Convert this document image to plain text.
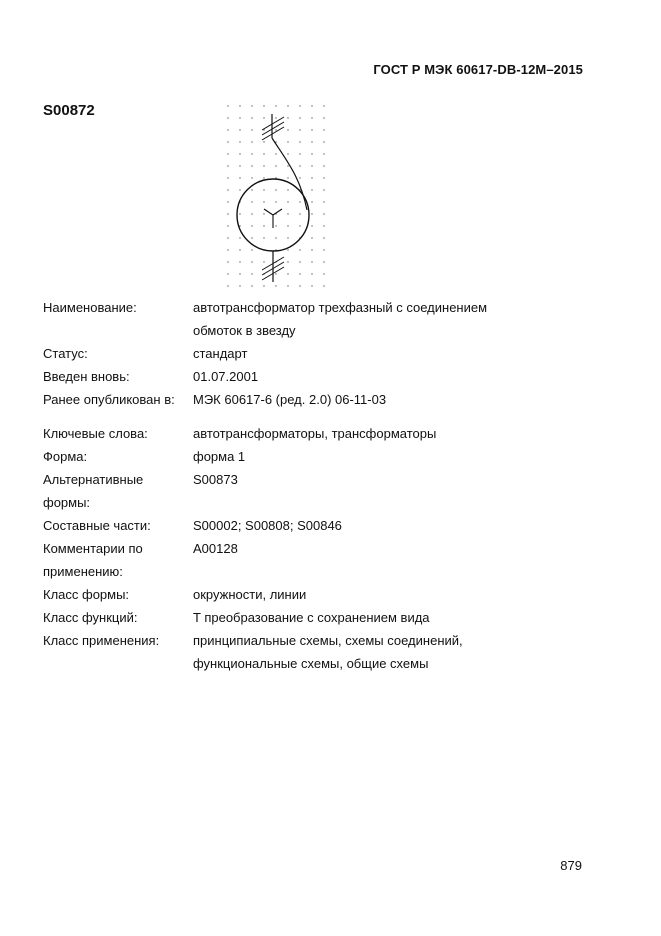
ГОСТ Р МЭК 60617-DB-12M–2015
S00872
Наименование:	автотрансформатор трехфазный с соединением
обмоток в звезду
Статус:	стандарт
Введен вновь:	01.07.2001
Ранее опубликован в:	МЭК 60617-6 (ред. 2.0) 06-11-03
Ключевые слова:	автотрансформаторы, трансформаторы
Форма:	форма 1
Альтернативные
формы:
S00873
Составные части:	S00002; S00808; S00846
Комментарии по
применению:
A00128
Класс формы:	окружности, линии
Класс функций:	T преобразование с сохранением вида
Класс применения:	принципиальные схемы, схемы соединений,
функциональные схемы, общие схемы
879
